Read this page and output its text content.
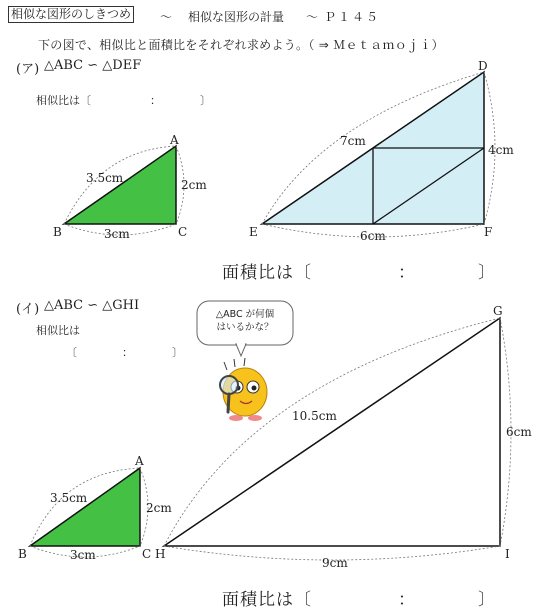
相似な図形のしきつめ ～ 相似な図形の計量 ～ Ｐ１４５
下の図で、相似比と面積比をそれぞれ求めよう。（ ⇒ Ｍｅｔａｍｏｊｉ）
(ア) △ABC ∽ △DEF
相似比は〔	：	〕
A
B	C
3.5cm	2cm
3cm
D
E	F
7cm
4cm
6cm
A
B	C
3.5cm
2cm
3cm
G
H	I
10.5cm
6cm
9cm
△ABC が何個
はいるかな？
面積比は〔	：	〕
(イ) △ABC ∽ △GHI
相似比は
〔	：	〕
面積比は〔	：	〕
